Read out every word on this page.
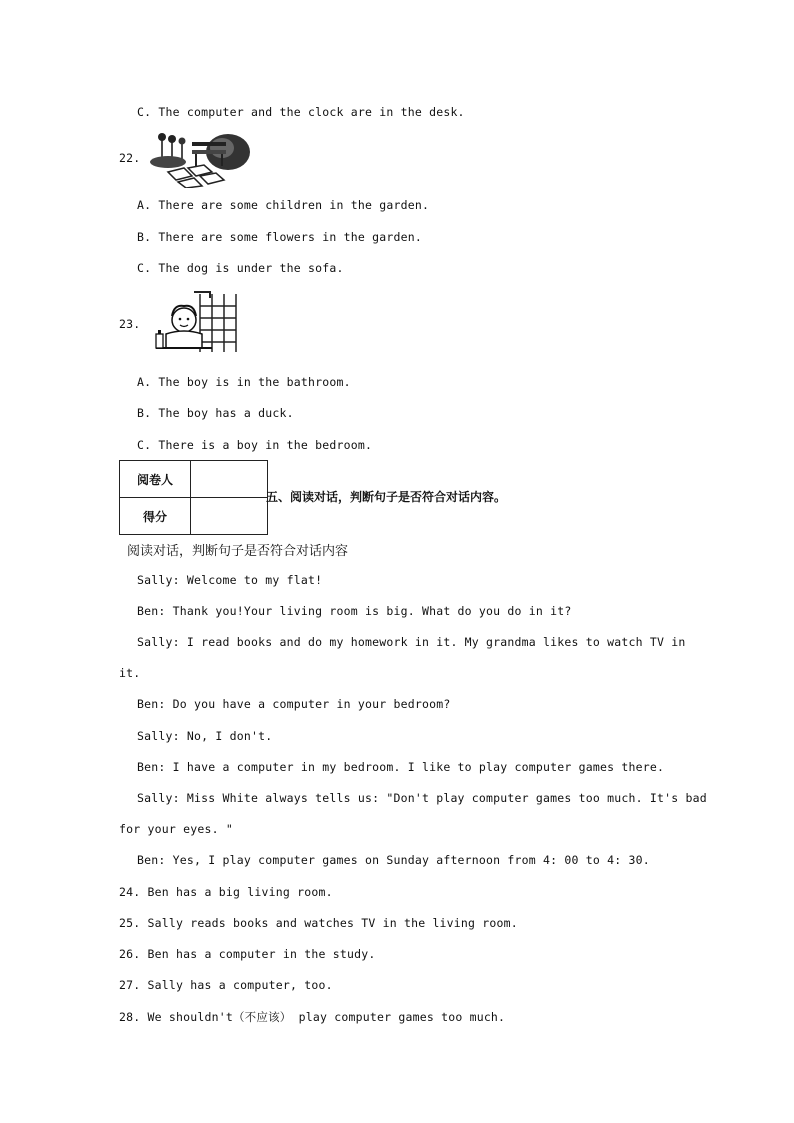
C. The computer and the clock are in the desk.
22.
A. There are some children in the garden.
B. There are some flowers in the garden.
C. The dog is under the sofa.
23.
A. The boy is in the bathroom.
B. The boy has a duck.
C. There is a boy in the bedroom.
阅卷人	
得分	
五、阅读对话，判断句子是否符合对话内容。
阅读对话，判断句子是否符合对话内容
Sally: Welcome to my flat!
Ben: Thank you!Your living room is big. What do you do in it?
Sally: I read books and do my homework in it. My grandma likes to watch TV in
it.
Ben: Do you have a computer in your bedroom?
Sally: No, I don't.
Ben: I have a computer in my bedroom. I like to play computer games there.
Sally: Miss White always tells us: "Don't play computer games too much. It's bad
for your eyes. "
Ben: Yes, I play computer games on Sunday afternoon from 4: 00 to 4: 30.
24. Ben has a big living room.
25. Sally reads books and watches TV in the living room.
26. Ben has a computer in the study.
27. Sally has a computer, too.
28. We shouldn't（不应该） play computer games too much.
